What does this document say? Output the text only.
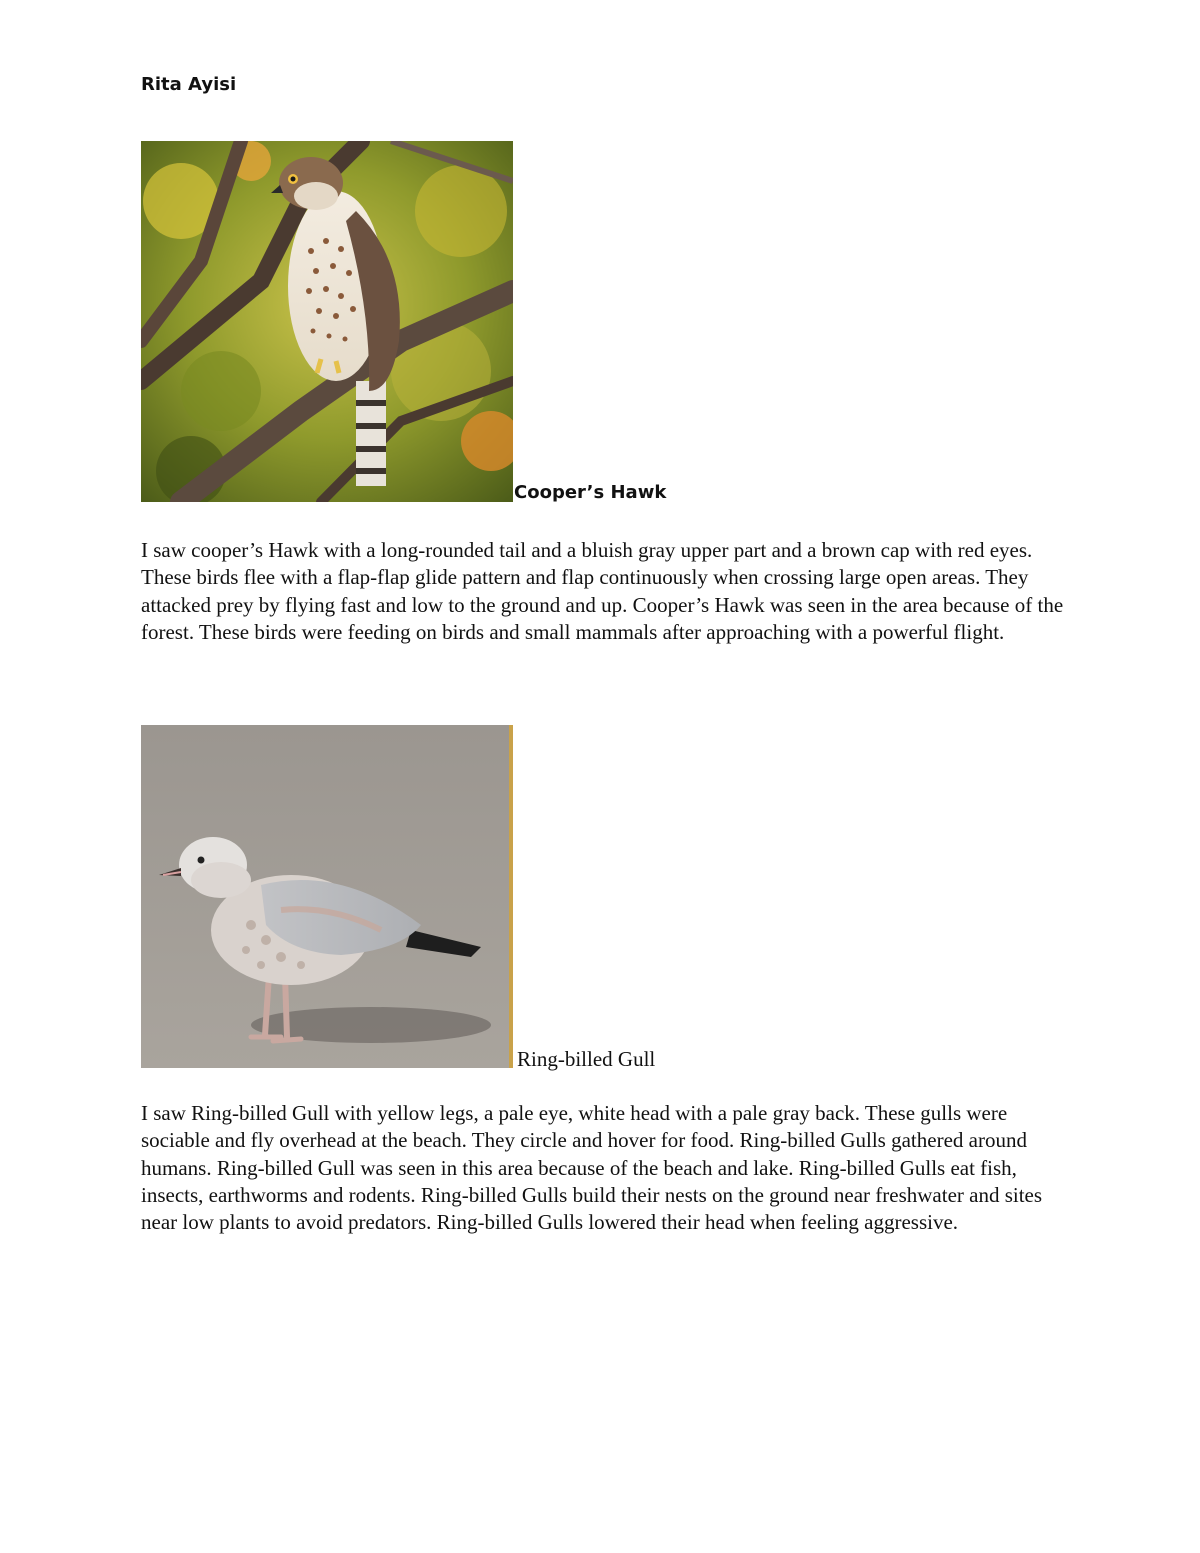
Rita Ayisi
Cooper’s Hawk

I saw cooper’s Hawk with a long-rounded tail and a bluish gray upper part and a brown cap with red eyes. These birds flee with a flap-flap glide pattern and flap continuously when crossing large open areas. They attacked prey by flying fast and low to the ground and up. Cooper’s Hawk was seen in the area because of the forest. These birds were feeding on birds and small mammals after approaching with a powerful flight.

Ring-billed Gull

I saw Ring-billed Gull with yellow legs, a pale eye, white head with a pale gray back. These gulls were sociable and fly overhead at the beach. They circle and hover for food. Ring-billed Gulls gathered around humans. Ring-billed Gull was seen in this area because of the beach and lake. Ring-billed Gulls eat fish, insects, earthworms and rodents. Ring-billed Gulls build their nests on the ground near freshwater and sites near low plants to avoid predators. Ring-billed Gulls lowered their head when feeling aggressive.
